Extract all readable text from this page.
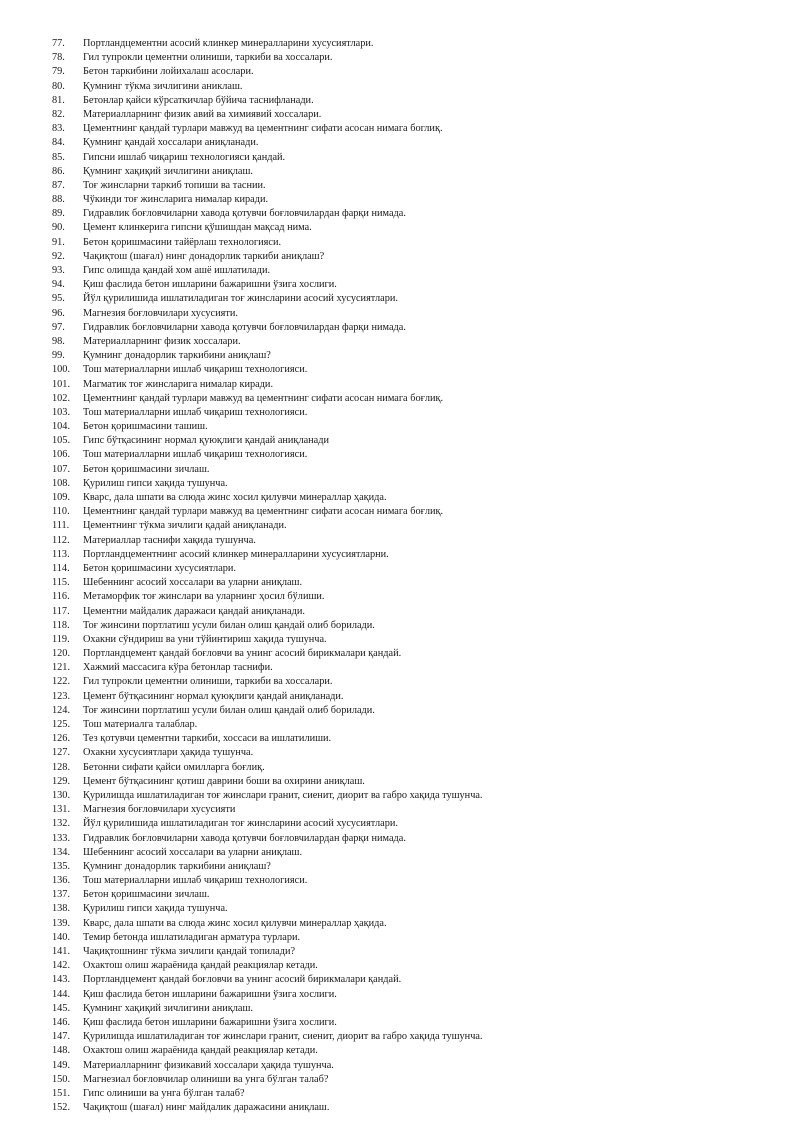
77.	Портландцементни асосий клинкер минералларини хусусиятлари.
78.	Гил тупрокли цементни олиниши, таркиби ва хоссалари.
79.	Бетон таркибини лойихалаш асослари.
80.	Қумнинг тўкма зичлигини аниклаш.
81.	Бетонлар қайси кўрсаткичлар бўйича таснифланади.
82.	Материалларнинг физик авий ва химиявий хоссалари.
83.	Цементнинг қандай турлари мавжуд ва цементнинг сифати асосан нимага боглиқ.
84.	Қумнинг қандай хоссалари аниқланади.
85.	Гипсни ишлаб чиқариш технологияси қандай.
86.	Қумнинг хақиқий зичлигини аниқлаш.
87.	Тоғ жинсларни таркиб топиши ва таснии.
88.	Чўкинди тоғ жинсларига нималар киради.
89.	Гидравлик боғловчиларни хавода қотувчи боғловчилардан фарқи нимада.
90.	Цемент клинкерига гипсни қўшишдан мақсад нима.
91.	Бетон қоришмасини тайёрлаш технологияси.
92.	Чақиқтош (шағал) нинг донадорлик таркиби аниқлаш?
93.	Гипс олишда қандай хом ашё ишлатилади.
94.	Қиш фаслида бетон ишларини бажаришни ўзига хослиги.
95.	Йўл қурилишида ишлатиладиган тоғ жинсларини асосий хусусиятлари.
96.	Магнезия боғловчилари хусусияти.
97.	Гидравлик боғловчиларни хавода қотувчи боғловчилардан фарқи нимада.
98.	Материалларнинг физик хоссалари.
99.	Қумнинг донадорлик таркибини аниқлаш?
100.	Тош материалларни ишлаб чиқариш технологияси.
101.	Магматик тоғ жинсларига нималар киради.
102.	Цементнинг қандай турлари мавжуд ва цементнинг сифати асосан нимага боғлиқ.
103.	Тош материалларни ишлаб чиқариш технологияси.
104.	Бетон қоришмасини ташиш.
105.	Гипс бўтқасининг нормал қуюқлиги қандай аниқланади
106.	Тош материалларни ишлаб чиқариш технологияси.
107.	Бетон қоришмасини зичлаш.
108.	Қурилиш гипси хақида тушунча.
109.	Кварс, дала шпати ва слюда жинс хосил қилувчи минераллар ҳақида.
110.	Цементнинг қандай турлари мавжуд ва цементнинг сифати асосан нимага боғлиқ.
111.	Цементнинг тўкма зичлиги қадай аниқланади.
112.	Материаллар таснифи хақида тушунча.
113.	Портландцементнинг асосий клинкер минералларини хусусиятларни.
114.	Бетон қоришмасини хусусиятлари.
115.	Шебеннинг асосий хоссалари ва уларни аниқлаш.
116.	Метаморфик тоғ жинслари ва уларнинг ҳосил бўлиши.
117.	Цементни майдалик даражаси қандай аниқланади.
118.	Тоғ жинсини портлатиш усули билан олиш қандай олиб борилади.
119.	Охакни сўндириш ва уни тўйинтириш хақида тушунча.
120.	Портландцемент қандай боғловчи ва унинг асосий бирикмалари қандай.
121.	Хажмий массасига кўра бетонлар таснифи.
122.	Гил тупрокли цементни олиниши, таркиби ва хоссалари.
123.	Цемент бўтқасининг нормал қуюқлиги қандай аниқланади.
124.	Тоғ жинсини портлатиш усули билан олиш қандай олиб борилади.
125.	Тош материалга талаблар.
126.	Тез қотувчи цементни таркиби, хоссаси ва ишлатилиши.
127.	Охакни хусусиятлари ҳақида тушунча.
128.	Бетонни сифати қайси омилларга боғлиқ.
129.	Цемент бўтқасининг қотиш даврини боши ва охирини аниқлаш.
130.	Қурилишда ишлатиладиган тоғ жинслари гранит, сиенит, диорит ва габро хақида тушунча.
131.	Магнезия боғловчилари хусусияти
132.	Йўл қурилишида ишлатиладиган тоғ жинсларини асосий хусусиятлари.
133.	Гидравлик боғловчиларни хавода қотувчи боғловчилардан фарқи нимада.
134.	Шебеннинг асосий хоссалари ва уларни аниқлаш.
135.	Қумнинг донадорлик таркибини аниқлаш?
136.	Тош материалларни ишлаб чиқариш технологияси.
137.	Бетон қоришмасини зичлаш.
138.	Қурилиш гипси хақида тушунча.
139.	Кварс, дала шпати ва слюда жинс хосил қилувчи минераллар ҳақида.
140.	Темир бетонда ишлатиладиган арматура турлари.
141.	Чақиқтошнинг тўкма зичлиги қандай топилади?
142.	Охактош олиш жараёнида қандай реакциялар кетади.
143.	Портландцемент қандай боғловчи ва унинг асосий бирикмалари қандай.
144.	Қиш фаслида бетон ишларини бажаришни ўзига хослиги.
145.	Қумнинг хақиқий зичлигини аниқлаш.
146.	Қиш фаслида бетон ишларини бажаришни ўзига хослиги.
147.	Қурилишда ишлатиладиган тоғ жинслари гранит, сиенит, диорит ва габро хақида тушунча.
148.	Охактош олиш жараёнида қандай реакциялар кетади.
149.	Материалларнинг физикавий хоссалари ҳақида тушунча.
150.	Магнезиал боғловчилар олиниши ва унга бўлган талаб?
151.	Гипс олиниши ва унга бўлган талаб?
152.	Чақиқтош (шағал) нинг майдалик даражасини аниқлаш.
